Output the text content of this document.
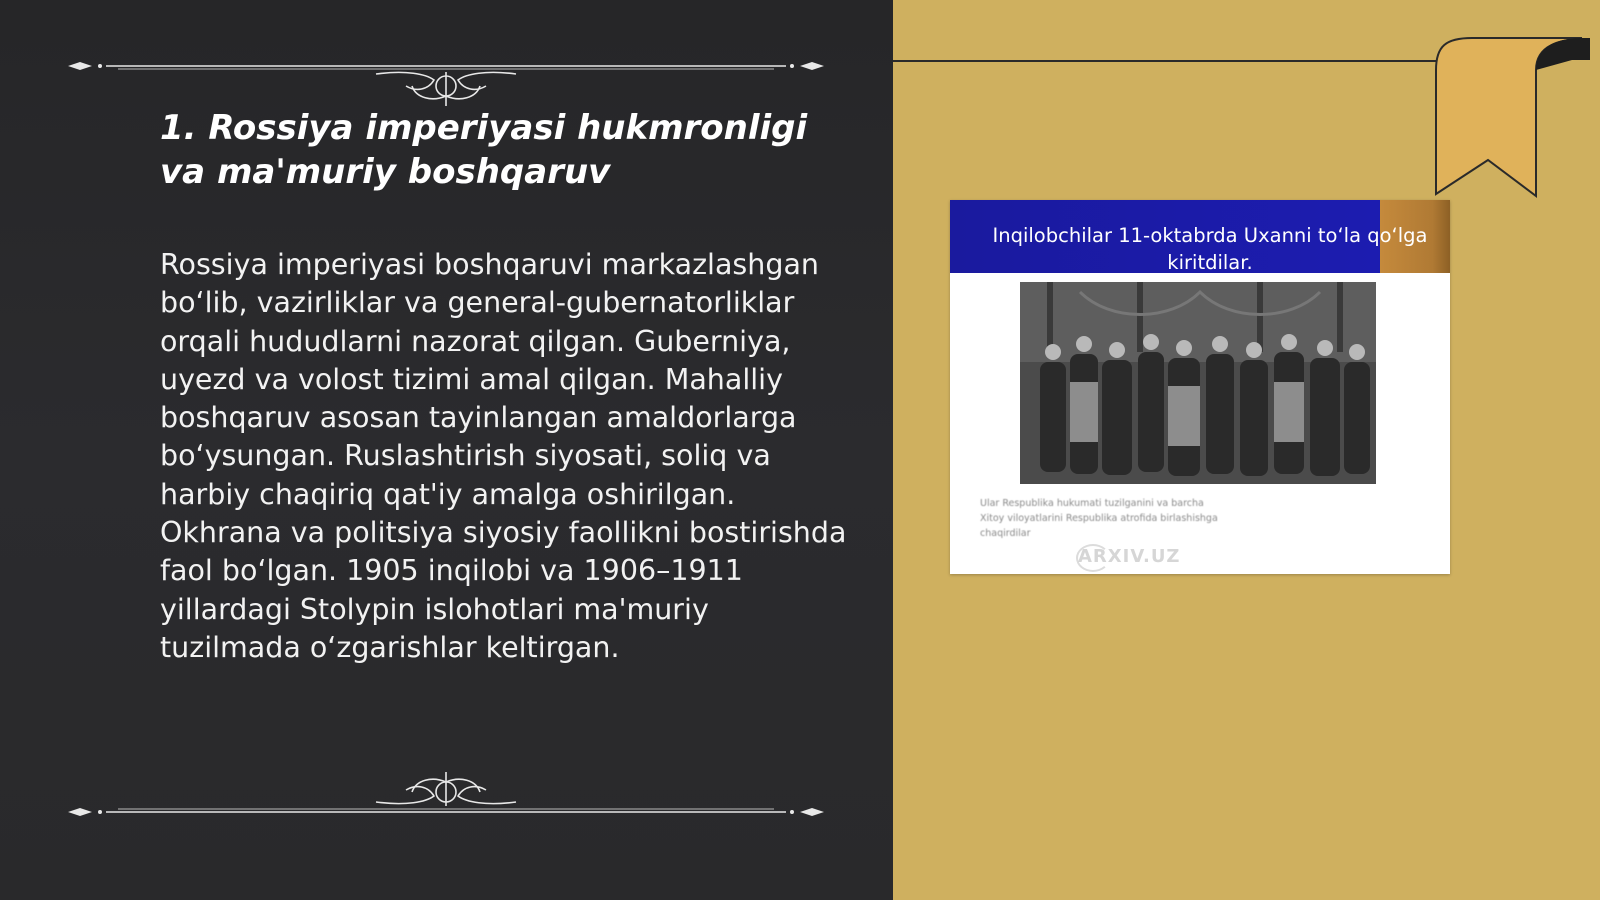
1. Rossiya imperiyasi hukmronligi va ma'muriy boshqaruv

Rossiya imperiyasi boshqaruvi markazlashgan bo‘lib, vazirliklar va general-gubernatorliklar orqali hududlarni nazorat qilgan. Guberniya, uyezd va volost tizimi amal qilgan. Mahalliy boshqaruv asosan tayinlangan amaldorlarga bo‘ysungan. Ruslashtirish siyosati, soliq va harbiy chaqiriq qat'iy amalga oshirilgan. Okhrana va politsiya siyosiy faollikni bostirishda faol bo‘lgan. 1905 inqilobi va 1906–1911 yillardagi Stolypin islohotlari ma'muriy tuzilmada o‘zgarishlar keltirgan.

Inqilobchilar 11-oktabrda Uxanni to‘la qo‘lga kiritdilar.
Ular Respublika hukumati tuzilganini va barcha Xitoy viloyatlarini Respublika atrofida birlashishga chaqirdilar
ARXIV.UZ
